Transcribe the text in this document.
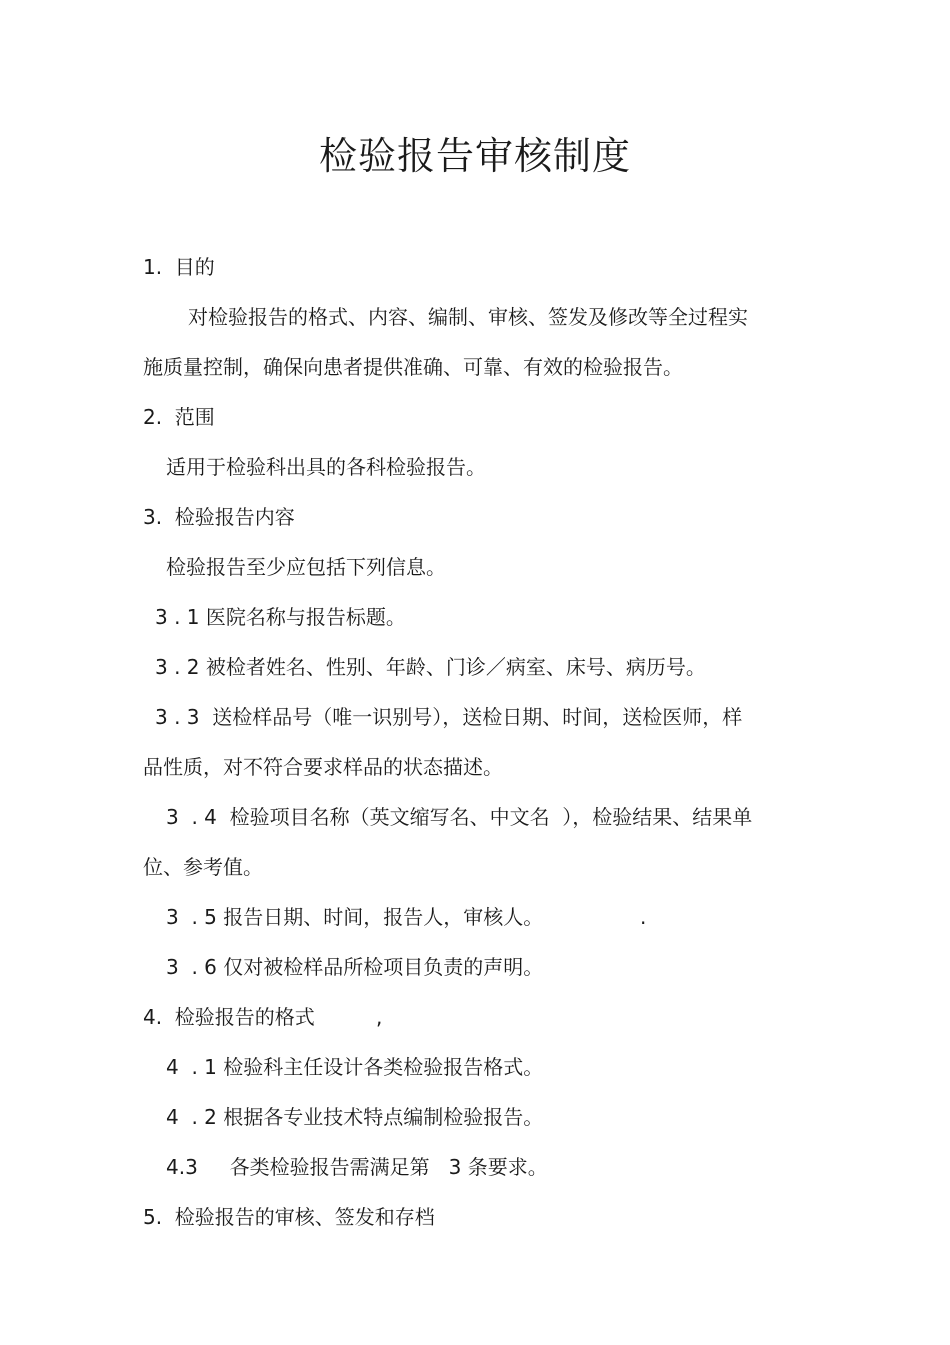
检验报告审核制度
1.  目的
对检验报告的格式、内容、编制、审核、签发及修改等全过程实
施质量控制，确保向患者提供准确、可靠、有效的检验报告。
2.  范围
适用于检验科出具的各科检验报告。
3.  检验报告内容
检验报告至少应包括下列信息。
3 . 1 医院名称与报告标题。
3 . 2 被检者姓名、性别、年龄、门诊／病室、床号、病历号。
3 . 3  送检样品号（唯一识别号），送检日期、时间，送检医师，样
品性质，对不符合要求样品的状态描述。
3  . 4  检验项目名称（英文缩写名、中文名  ），检验结果、结果单
位、参考值。
3  . 5 报告日期、时间，报告人，审核人。	.
3  . 6 仅对被检样品所检项目负责的声明。
4.  检验报告的格式	,
4  . 1 检验科主任设计各类检验报告格式。
4  . 2 根据各专业技术特点编制检验报告。
4.3     各类检验报告需满足第   3 条要求。
5.  检验报告的审核、签发和存档
